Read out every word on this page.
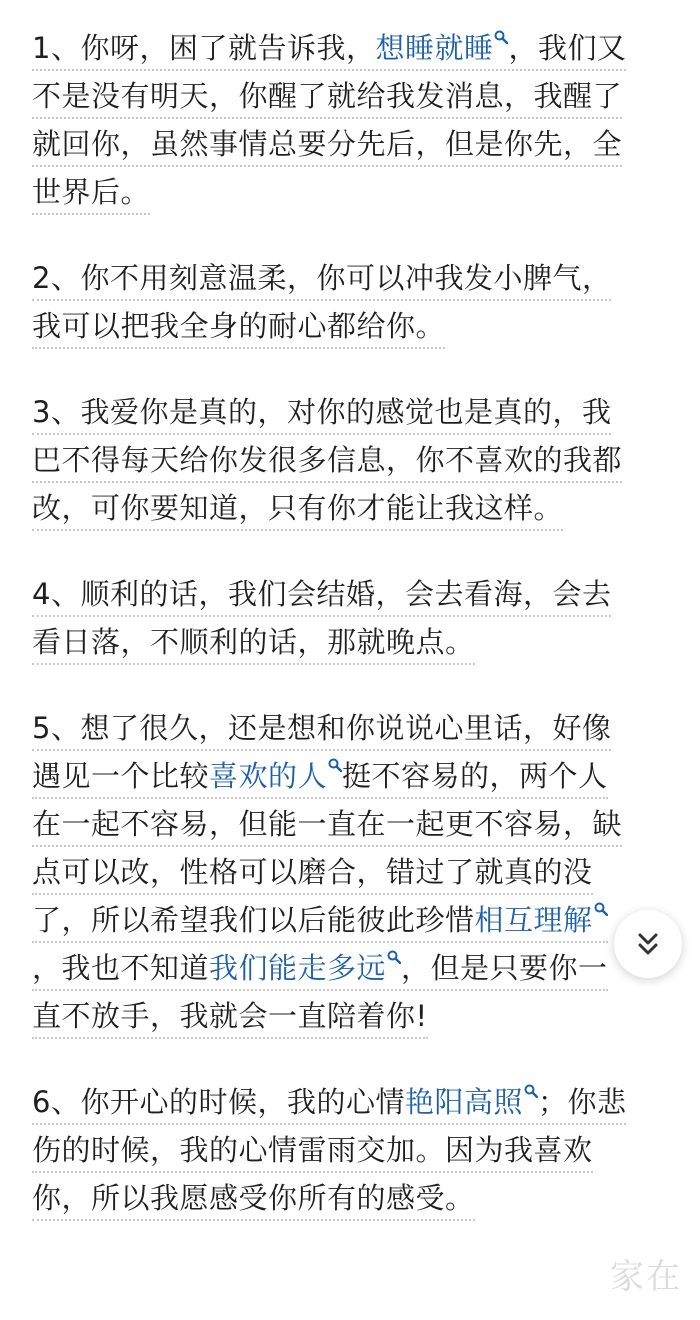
1、你呀，困了就告诉我，想睡就睡 ，我们又
不是没有明天，你醒了就给我发消息，我醒了
就回你，虽然事情总要分先后，但是你先，全
世界后。
2、你不用刻意温柔，你可以冲我发小脾气，
我可以把我全身的耐心都给你。
3、我爱你是真的，对你的感觉也是真的，我
巴不得每天给你发很多信息，你不喜欢的我都
改，可你要知道，只有你才能让我这样。
4、顺利的话，我们会结婚，会去看海，会去
看日落，不顺利的话，那就晚点。
5、想了很久，还是想和你说说心里话，好像
遇见一个比较喜欢的人 挺不容易的，两个人
在一起不容易，但能一直在一起更不容易，缺
点可以改，性格可以磨合，错过了就真的没
了，所以希望我们以后能彼此珍惜相互理解
，我也不知道我们能走多远 ，但是只要你一
直不放手，我就会一直陪着你!
6、你开心的时候，我的心情艳阳高照 ；你悲
伤的时候，我的心情雷雨交加。因为我喜欢
你，所以我愿感受你所有的感受。
家在
